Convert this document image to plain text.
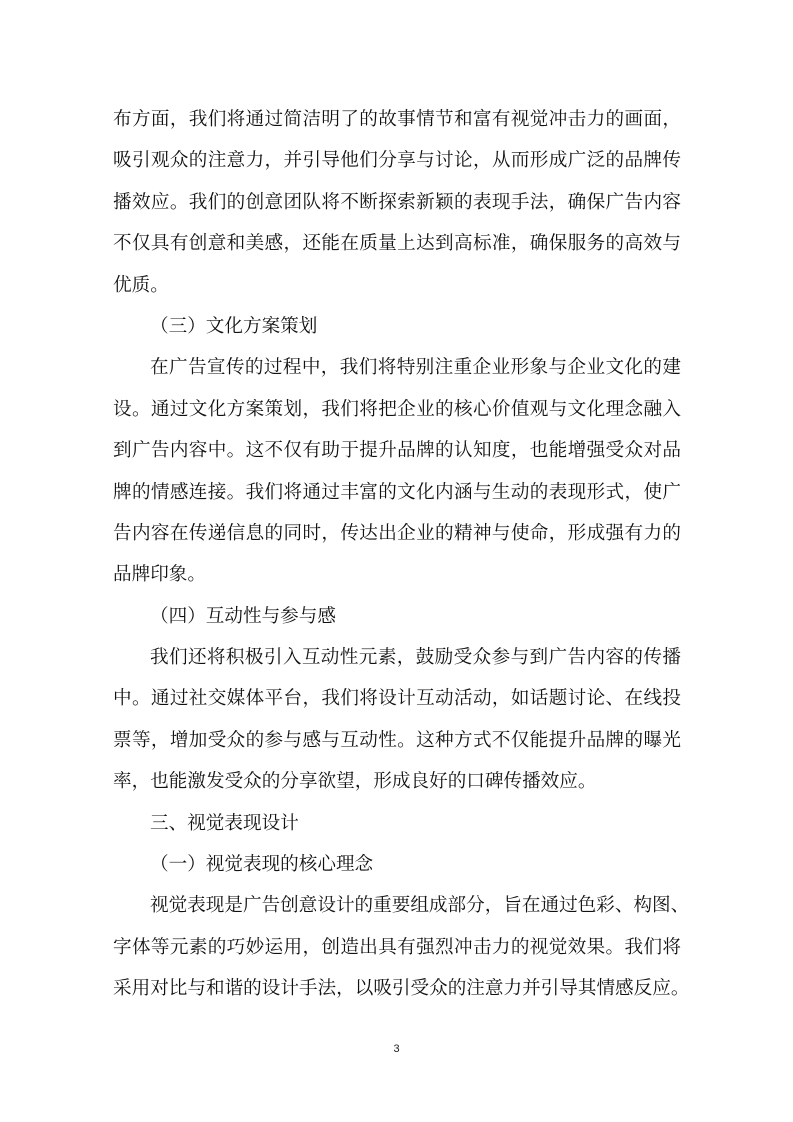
布方面，我们将通过简洁明了的故事情节和富有视觉冲击力的画面，
吸引观众的注意力，并引导他们分享与讨论，从而形成广泛的品牌传
播效应。我们的创意团队将不断探索新颖的表现手法，确保广告内容
不仅具有创意和美感，还能在质量上达到高标准，确保服务的高效与
优质。
（三）文化方案策划
在广告宣传的过程中，我们将特别注重企业形象与企业文化的建
设。通过文化方案策划，我们将把企业的核心价值观与文化理念融入
到广告内容中。这不仅有助于提升品牌的认知度，也能增强受众对品
牌的情感连接。我们将通过丰富的文化内涵与生动的表现形式，使广
告内容在传递信息的同时，传达出企业的精神与使命，形成强有力的
品牌印象。
（四）互动性与参与感
我们还将积极引入互动性元素，鼓励受众参与到广告内容的传播
中。通过社交媒体平台，我们将设计互动活动，如话题讨论、在线投
票等，增加受众的参与感与互动性。这种方式不仅能提升品牌的曝光
率，也能激发受众的分享欲望，形成良好的口碑传播效应。
三、视觉表现设计
（一）视觉表现的核心理念
视觉表现是广告创意设计的重要组成部分，旨在通过色彩、构图、
字体等元素的巧妙运用，创造出具有强烈冲击力的视觉效果。我们将
采用对比与和谐的设计手法，以吸引受众的注意力并引导其情感反应。
3
